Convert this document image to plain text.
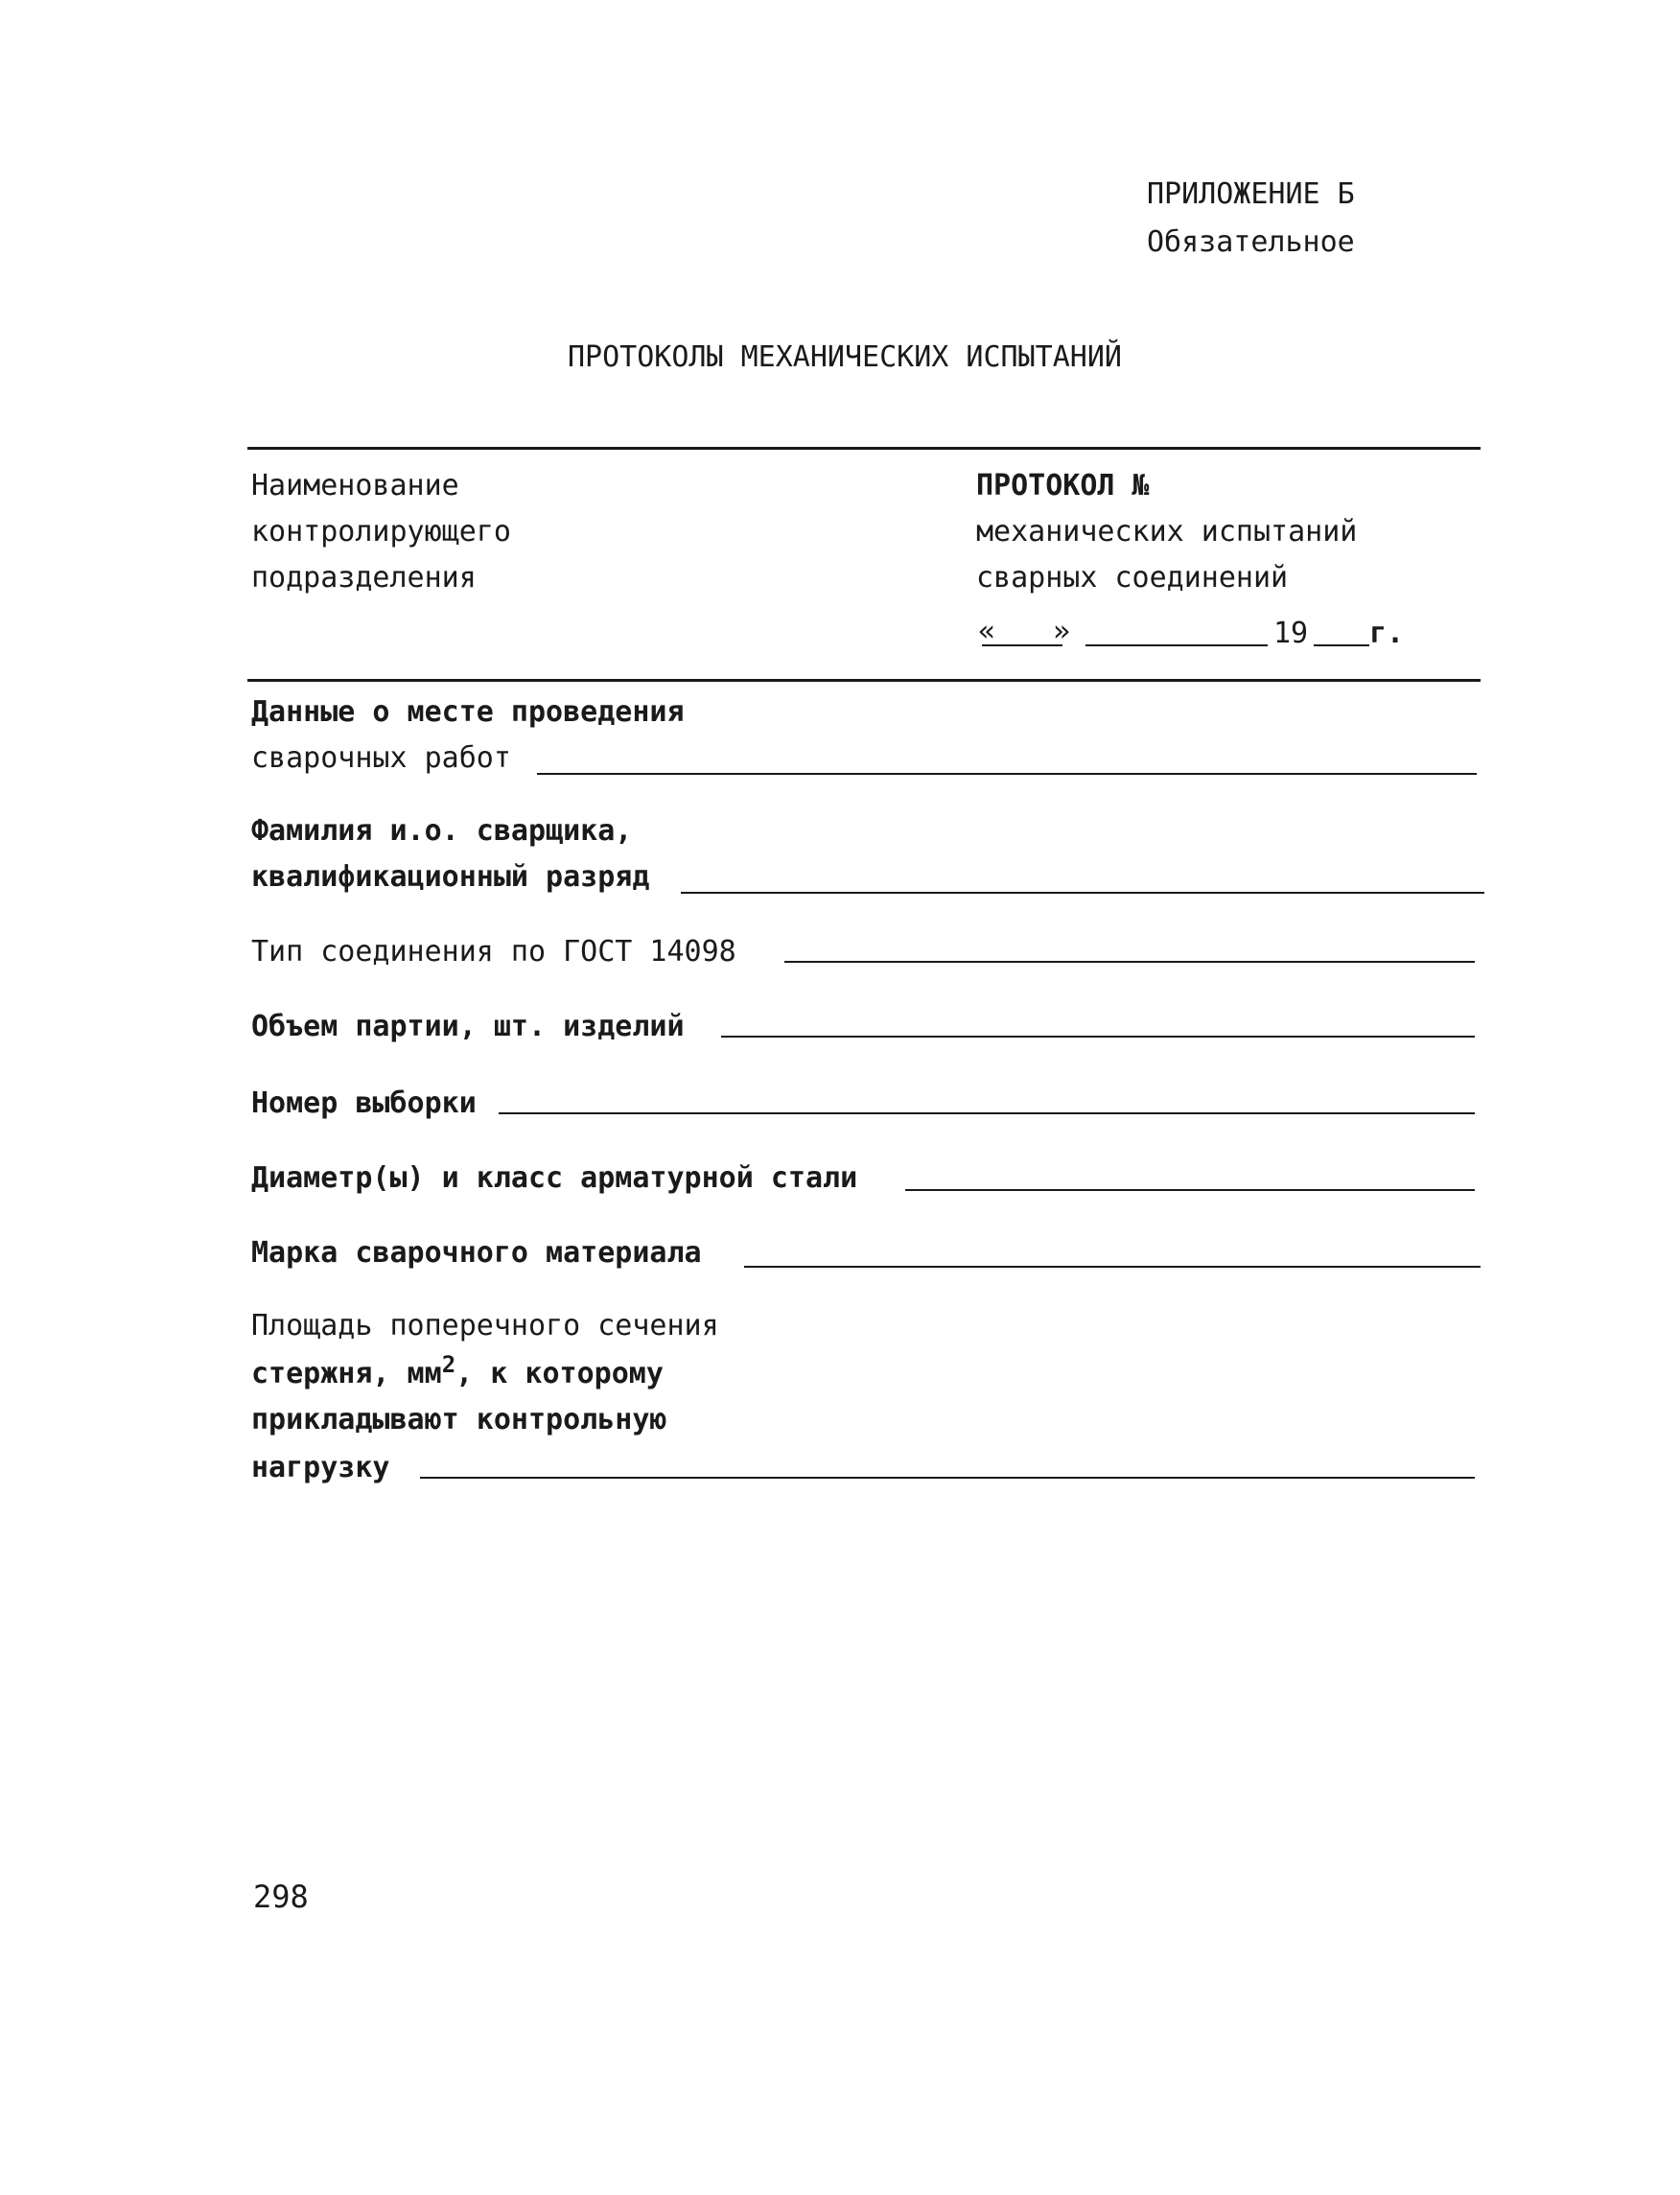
ПРИЛОЖЕНИЕ Б
Обязательное
ПРОТОКОЛЫ МЕХАНИЧЕСКИХ ИСПЫТАНИЙ
Наименование
контролирующего
подразделения
ПРОТОКОЛ №
механических испытаний
сварных соединений
« »	19 г.
Данные о месте проведения
сварочных работ
Фамилия и.о. сварщика,
квалификационный разряд
Тип соединения по ГОСТ 14098
Объем партии, шт. изделий
Номер выборки
Диаметр(ы) и класс арматурной стали
Марка сварочного материала
Площадь поперечного сечения
стержня, $мм^2$, к которому
прикладывают контрольную
нагрузку
298
